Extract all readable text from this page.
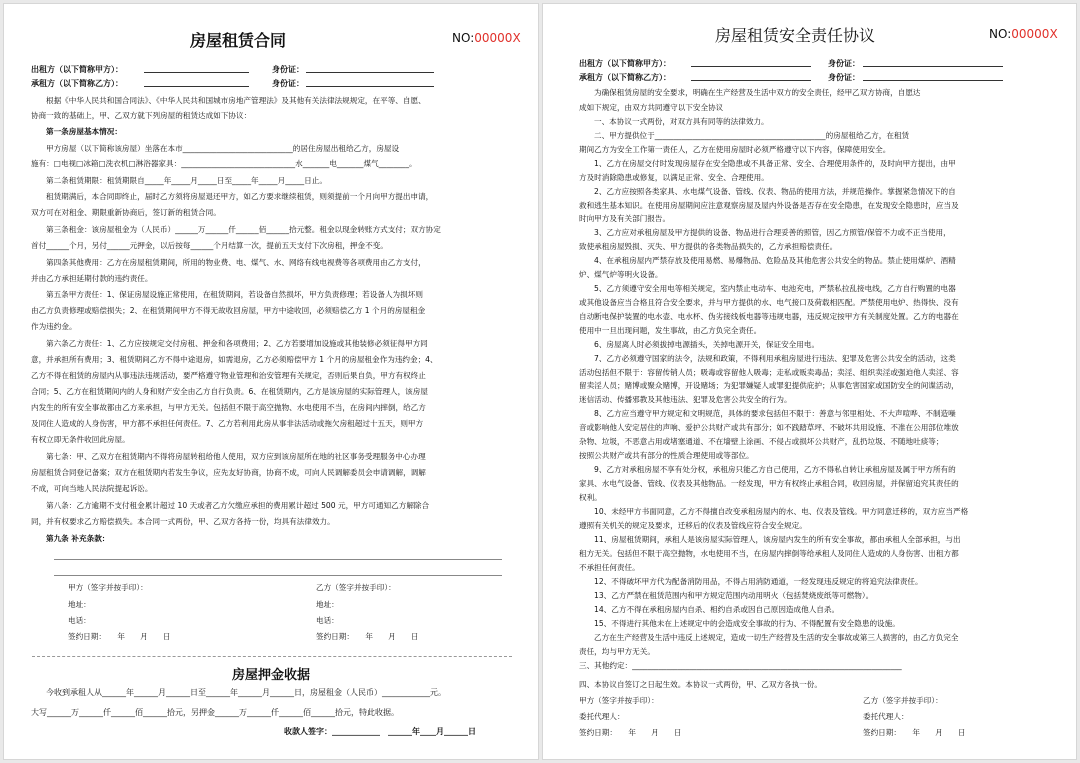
房屋租赁合同	NO:00000X
出租方（以下简称甲方）：	身份证：
承租方（以下简称乙方）：	身份证：
根据《中华人民共和国合同法》、《中华人民共和国城市房地产管理法》及其他有关法律法规规定，在平等、自愿、
协商一致的基础上，甲、乙双方就下列房屋的租赁达成如下协议：
第一条房屋基本情况：
甲方房屋（以下简称该房屋）坐落在本市_____________________________的居住房屋出租给乙方，房屋设
施有：□电视□冰箱□洗衣机□淋浴器家具：______________________________水_______电_______煤气________。
第二条租赁期限：租赁期限自_____年_____月_____日至_____年_____月_____日止。
租赁期满后，本合同即终止，届时乙方须将房屋退还甲方，如乙方要求继续租赁，则须提前一个月向甲方提出申请，
双方可在对租金、期限重新协商后，签订新的租赁合同。
第三条租金：该房屋租金为（人民币）______万______仟______佰______拾元整。租金以现金转账方式支付；双方协定
首付______个月，另付______元押金，以后按每______个月结算一次，提前五天支付下次房租，押金不变。
第四条其他费用：乙方在房屋租赁期间，所用的物业费、电、煤气、水、网络有线电视费等各项费用由乙方支付，
并由乙方承担延期付款的违约责任。
第五条甲方责任：1、保证房屋设施正常使用，在租赁期间，若设备自然损坏，甲方负责修理；若设备人为损坏则
由乙方负责修理或赔偿损失；2、在租赁期间甲方不得无故收回房屋，甲方中途收回，必须赔偿乙方 1 个月的房屋租金
作为违约金。
第六条乙方责任：1、乙方应按规定交付房租、押金和各项费用；2、乙方若要增加设施或其他装修必须征得甲方同
意，并承担所有费用；3、租赁期间乙方不得中途退房，如需退房，乙方必须赔偿甲方 1 个月的房屋租金作为违约金；4、
乙方不得在租赁的房屋内从事违法违规活动，要严格遵守物业管理和治安管理有关规定，否则后果自负，甲方有权终止
合同；5、乙方在租赁期间内的人身和财产安全由乙方自行负责。6、在租赁期内，乙方是该房屋的实际管理人，该房屋
内发生的所有安全事故都由乙方来承担，与甲方无关。包括但不限于高空抛物、水电使用不当，在房间内摔倒，给乙方
及同住人造成的人身伤害，甲方都不承担任何责任。7、乙方若利用此房从事非法活动或拖欠房租超过十五天，则甲方
有权立即无条件收回此房屋。
第七条：甲、乙双方在租赁期内不得将房屋转租给他人使用，双方应到该房屋所在地的社区事务受理服务中心办理
房屋租赁合同登记备案；双方在租赁期内若发生争议，应先友好协商，协商不成，可向人民调解委员会申请调解，调解
不成，可向当地人民法院提起诉讼。
第八条：乙方逾期不支付租金累计超过 10 天或者乙方欠缴应承担的费用累计超过 500 元，甲方可通知乙方解除合
同，并有权要求乙方赔偿损失。本合同一式两份，甲、乙双方各持一份，均具有法律效力。
第九条 补充条款：
甲方（签字并按手印）：	乙方（签字并按手印）：
地址：	地址：
电话：	电话：
签约日期：　　年　　月　　日	签约日期：　　年　　月　　日
房屋押金收据
今收到承租人从______年______月______日至______年______月______日，房屋租金（人民币）____________元。
大写______万______仟______佰______拾元，另押金______万______仟______佰______拾元，特此收据。
收款人签字：____________　______年____月______日
房屋租赁安全责任协议	NO:00000X
出租方（以下简称甲方）：	身份证：
承租方（以下简称乙方）：	身份证：
为确保租赁房屋的安全要求，明确在生产经营及生活中双方的安全责任，经甲乙双方协商，自愿达
成如下规定，由双方共同遵守以下安全协议
一、本协议一式两份，对双方具有同等的法律效力。
二、甲方提供位于_____________________________________________的房屋租给乙方，在租赁
期间乙方为安全工作第一责任人，乙方在使用房屋时必须严格遵守以下内容，保障使用安全。
1、乙方在房屋交付时发现房屋存在安全隐患或不具备正常、安全、合理使用条件的，及时向甲方提出，由甲
方及时消除隐患或修复，以满足正常、安全、合理使用。
2、乙方应按照各类家具、水电煤气设备、管线、仪表、物品的使用方法，并规范操作。掌握紧急情况下的自
救和逃生基本知识。在使用房屋期间应注意观察房屋及屋内外设备是否存在安全隐患，在发现安全隐患时，应当及
时向甲方及有关部门报告。
3、乙方应对承租房屋及甲方提供的设备、物品进行合理妥善的照管，因乙方照管/保管不力或不正当使用，
致使承租房屋毁损、灭失、甲方提供的各类物品损失的，乙方承担赔偿责任。
4、在承租房屋内严禁存放及使用易燃、易爆物品、危险品及其他危害公共安全的物品。禁止使用煤炉、酒精
炉、煤气炉等明火设备。
5、乙方须遵守安全用电等相关规定，室内禁止电动车、电池充电，严禁私拉乱接电线，乙方自行购置的电器
或其他设备应当合格且符合安全要求，并与甲方提供的水、电气接口及荷载相匹配。严禁使用电炉、热得快、没有
自动断电保护装置的电水壶、电水杯、伪劣接线板电器等违规电器，违反规定按甲方有关制度处置。乙方的电器在
使用中一旦出现问题，发生事故，由乙方负完全责任。
6、房屋离人时必须拔掉电源插头，关掉电源开关，保证安全用电。
7、乙方必须遵守国家的法令，法规和政策，不得利用承租房屋进行违法、犯罪及危害公共安全的活动，这类
活动包括但不限于：容留传销人员；吸毒或容留他人吸毒；走私或贩卖毒品；卖淫、组织卖淫或强迫他人卖淫、容
留卖淫人员；赌博或聚众赌博，开设赌场；为犯罪嫌疑人或罪犯提供庇护；从事危害国家或国防安全的间谍活动，
迷信活动、传播邪教及其他违法、犯罪及危害公共安全的行为。
8、乙方应当遵守甲方规定和文明规范，具体的要求包括但不限于：善意与邻里相处、不大声喧哗、不制造噪
音或影响他人安定居住的声响、爱护公共财产或共有部分；如不践踏草坪、不破坏共用设施、不准在公用部位堆放
杂物、垃圾，不恶意占用或堵塞通道、不在墙壁上涂画、不侵占或损坏公共财产，乱扔垃圾、不随地吐痰等；
按照公共财产或共有部分的性质合理使用或等部位。
9、乙方对承租房屋不享有处分权，承租房只能乙方自己使用，乙方不得私自转让承租房屋及属于甲方所有的
家具、水电气设备、管线、仪表及其他物品。一经发现，甲方有权终止承租合同，收回房屋，并保留追究其责任的
权利。
10、未经甲方书面同意，乙方不得擅自改变承租房屋内的水、电、仪表及管线。甲方同意迁移的，双方应当严格
遵照有关机关的规定及要求，迁移后的仪表及管线应符合安全规定。
11、房屋租赁期间，承租人是该房屋实际管理人，该房屋内发生的所有安全事故，都由承租人全部承担，与出
租方无关。包括但不限于高空抛物，水电使用不当，在房屋内摔倒等给承租人及同住人造成的人身伤害、出租方都
不承担任何责任。
12、不得破坏甲方代为配备消防用品，不得占用消防通道，一经发现违反规定的将追究法律责任。
13、乙方严禁在租赁范围内和甲方规定范围内动用明火（包括焚烧废纸等可燃物）。
14、乙方不得在承租房屋内自杀、相约自杀或因自己原因造成他人自杀。
15、不得进行其他未在上述规定中的会造成安全事故的行为、不得配置有安全隐患的设施。
乙方在生产经营及生活中违反上述规定，造成一切生产经营及生活的安全事故或第三人损害的，由乙方负完全
责任，均与甲方无关。
三、其他约定：_______________________________________________________________________
四、本协议自签订之日起生效。本协议一式两份，甲、乙双方各执一份。
甲方（签字并按手印）：	乙方（签字并按手印）：
委托代理人：	委托代理人：
签约日期：　　年　　月　　日	签约日期：　　年　　月　　日
